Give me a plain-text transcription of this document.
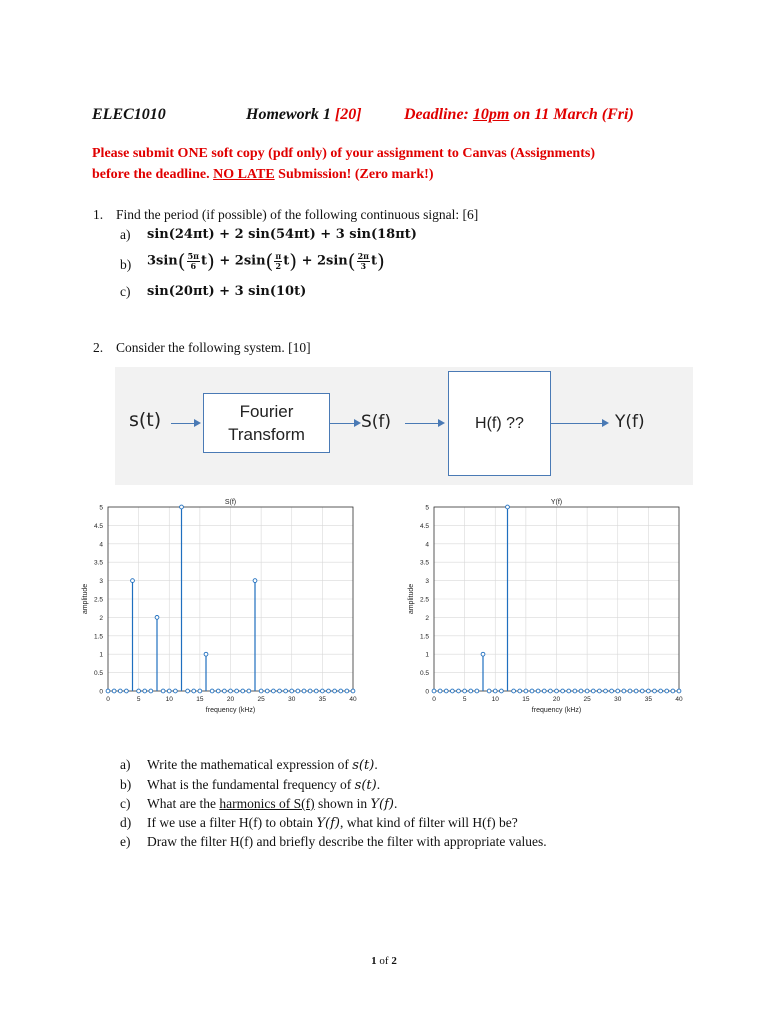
ELEC1010	Homework 1 [20]	Deadline: 10pm on 11 March (Fri)
Please submit ONE soft copy (pdf only) of your assignment to Canvas (Assignments)
before the deadline. NO LATE Submission! (Zero mark!)
1. Find the period (if possible) of the following continuous signal: [6]
a) sin(24πt) + 2 sin(54πt) + 3 sin(18πt)
b) $3\sin( \frac{5\pi}{6} t) + 2\sin( \frac{\pi}{2} t) + 2\sin( \frac{2\pi}{3} t)$
c) sin(20πt) + 3 sin(10t)
2. Consider the following system. [10]
s(t)	Fourier
Transform
S(f)	H(f) ??	Y(f)
0
0.5
1
1.5
2
2.5
3
3.5
4
4.5
5
0	5	10	15	20	25	30	35	40
S(f)
frequency (kHz)
amplitude
0
0.5
1
1.5
2
2.5
3
3.5
4
4.5
5
0	5	10	15	20	25	30	35	40
Y(f)
frequency (kHz)
amplitude
a) Write the mathematical expression of s(t).
b) What is the fundamental frequency of s(t).
c) What are the harmonics of S(f) shown in Y(f).
d) If we use a filter H(f) to obtain Y(f), what kind of filter will H(f) be?
e) Draw the filter H(f) and briefly describe the filter with appropriate values.
1 of 2
